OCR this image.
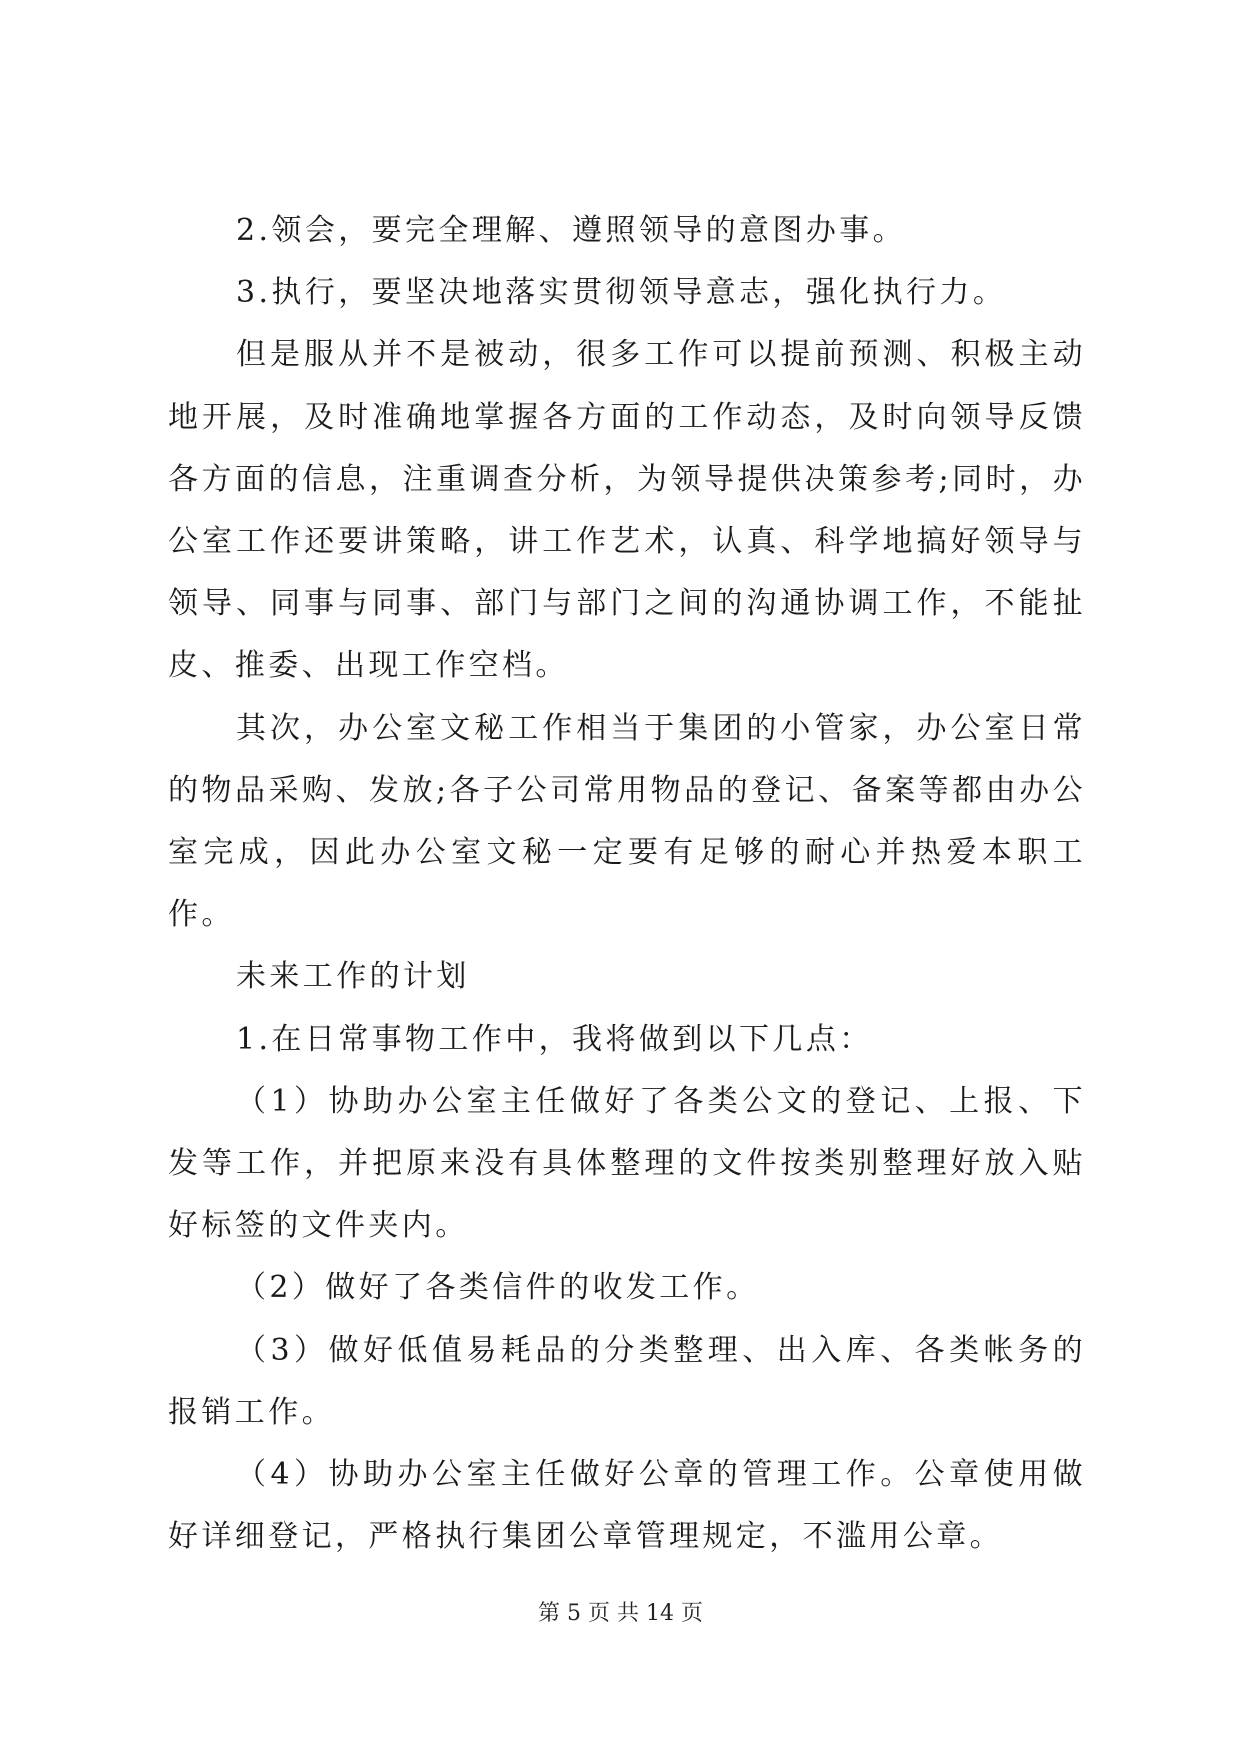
2.领会，要完全理解、遵照领导的意图办事。

3.执行，要坚决地落实贯彻领导意志，强化执行力。

但是服从并不是被动，很多工作可以提前预测、积极主动地开展，及时准确地掌握各方面的工作动态，及时向领导反馈各方面的信息，注重调查分析，为领导提供决策参考;同时，办公室工作还要讲策略，讲工作艺术，认真、科学地搞好领导与领导、同事与同事、部门与部门之间的沟通协调工作，不能扯皮、推委、出现工作空档。

其次，办公室文秘工作相当于集团的小管家，办公室日常的物品采购、发放;各子公司常用物品的登记、备案等都由办公室完成，因此办公室文秘一定要有足够的耐心并热爱本职工作。

未来工作的计划

1.在日常事物工作中，我将做到以下几点：

（1）协助办公室主任做好了各类公文的登记、上报、下发等工作，并把原来没有具体整理的文件按类别整理好放入贴好标签的文件夹内。

（2）做好了各类信件的收发工作。

（3）做好低值易耗品的分类整理、出入库、各类帐务的报销工作。

（4）协助办公室主任做好公章的管理工作。公章使用做好详细登记，严格执行集团公章管理规定，不滥用公章。

第 5 页 共 14 页
